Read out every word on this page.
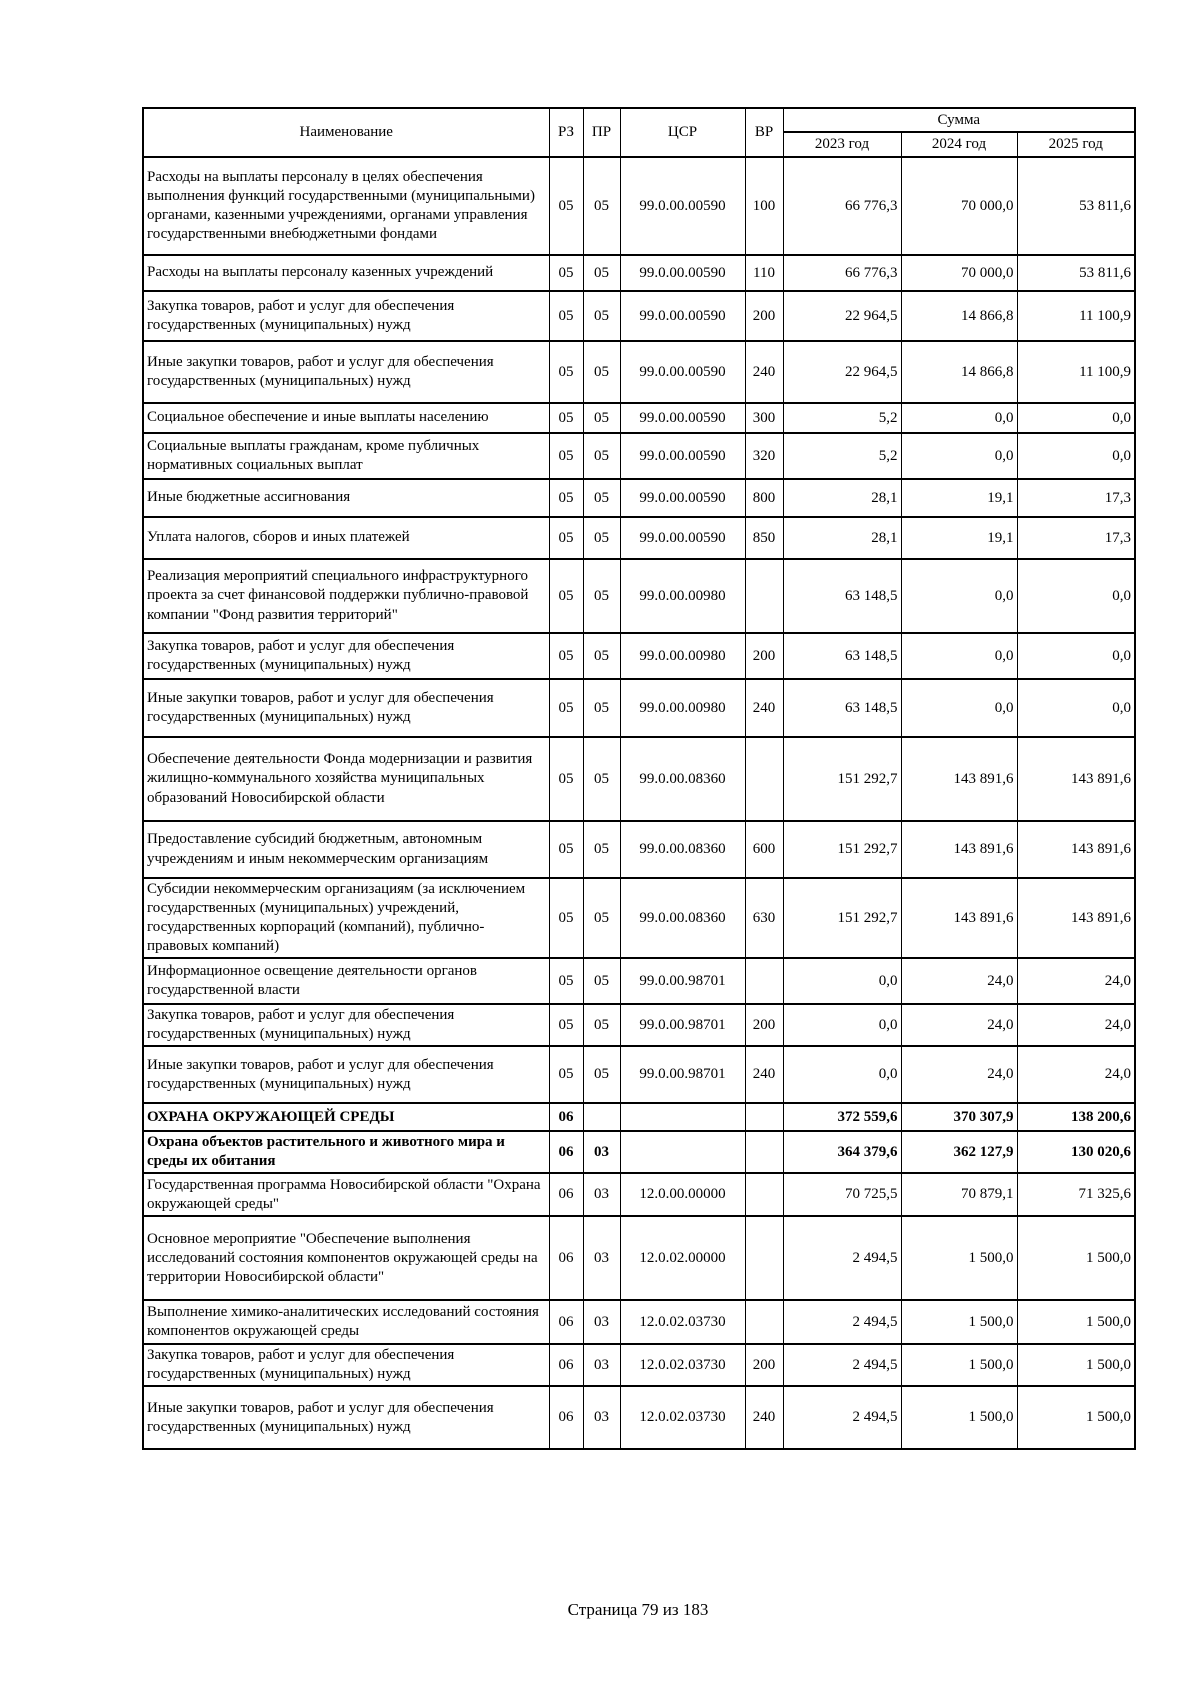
Наименование	РЗ	ПР	ЦСР	ВР	Сумма		
					2023 год	2024 год	2025 год
Расходы на выплаты персоналу в целях обеспечения выполнения функций государственными (муниципальными) органами, казенными учреждениями, органами управления государственными внебюджетными фондами	05	05	99.0.00.00590	100	66 776,3	70 000,0	53 811,6
Расходы на выплаты персоналу казенных учреждений	05	05	99.0.00.00590	110	66 776,3	70 000,0	53 811,6
Закупка товаров, работ и услуг для обеспечения государственных (муниципальных) нужд	05	05	99.0.00.00590	200	22 964,5	14 866,8	11 100,9
Иные закупки товаров, работ и услуг для обеспечения государственных (муниципальных) нужд	05	05	99.0.00.00590	240	22 964,5	14 866,8	11 100,9
Социальное обеспечение и иные выплаты населению	05	05	99.0.00.00590	300	5,2	0,0	0,0
Социальные выплаты гражданам, кроме публичных нормативных социальных выплат	05	05	99.0.00.00590	320	5,2	0,0	0,0
Иные бюджетные ассигнования	05	05	99.0.00.00590	800	28,1	19,1	17,3
Уплата налогов, сборов и иных платежей	05	05	99.0.00.00590	850	28,1	19,1	17,3
Реализация мероприятий специального инфраструктурного проекта за счет финансовой поддержки публично-правовой компании "Фонд развития территорий"	05	05	99.0.00.00980		63 148,5	0,0	0,0
Закупка товаров, работ и услуг для обеспечения государственных (муниципальных) нужд	05	05	99.0.00.00980	200	63 148,5	0,0	0,0
Иные закупки товаров, работ и услуг для обеспечения государственных (муниципальных) нужд	05	05	99.0.00.00980	240	63 148,5	0,0	0,0
Обеспечение деятельности Фонда модернизации и развития жилищно-коммунального хозяйства муниципальных образований Новосибирской области	05	05	99.0.00.08360		151 292,7	143 891,6	143 891,6
Предоставление субсидий бюджетным, автономным учреждениям и иным некоммерческим организациям	05	05	99.0.00.08360	600	151 292,7	143 891,6	143 891,6
Субсидии некоммерческим организациям (за исключением государственных (муниципальных) учреждений, государственных корпораций (компаний), публично-правовых компаний)	05	05	99.0.00.08360	630	151 292,7	143 891,6	143 891,6
Информационное освещение деятельности органов государственной власти	05	05	99.0.00.98701		0,0	24,0	24,0
Закупка товаров, работ и услуг для обеспечения государственных (муниципальных) нужд	05	05	99.0.00.98701	200	0,0	24,0	24,0
Иные закупки товаров, работ и услуг для обеспечения государственных (муниципальных) нужд	05	05	99.0.00.98701	240	0,0	24,0	24,0
ОХРАНА ОКРУЖАЮЩЕЙ СРЕДЫ	06				372 559,6	370 307,9	138 200,6
Охрана объектов растительного и животного мира и среды их обитания	06	03			364 379,6	362 127,9	130 020,6
Государственная программа Новосибирской области "Охрана окружающей среды"	06	03	12.0.00.00000		70 725,5	70 879,1	71 325,6
Основное мероприятие "Обеспечение выполнения исследований состояния компонентов окружающей среды на территории Новосибирской области"	06	03	12.0.02.00000		2 494,5	1 500,0	1 500,0
Выполнение химико-аналитических исследований состояния компонентов окружающей среды	06	03	12.0.02.03730		2 494,5	1 500,0	1 500,0
Закупка товаров, работ и услуг для обеспечения государственных (муниципальных) нужд	06	03	12.0.02.03730	200	2 494,5	1 500,0	1 500,0
Иные закупки товаров, работ и услуг для обеспечения государственных (муниципальных) нужд	06	03	12.0.02.03730	240	2 494,5	1 500,0	1 500,0
Страница 79 из 183
